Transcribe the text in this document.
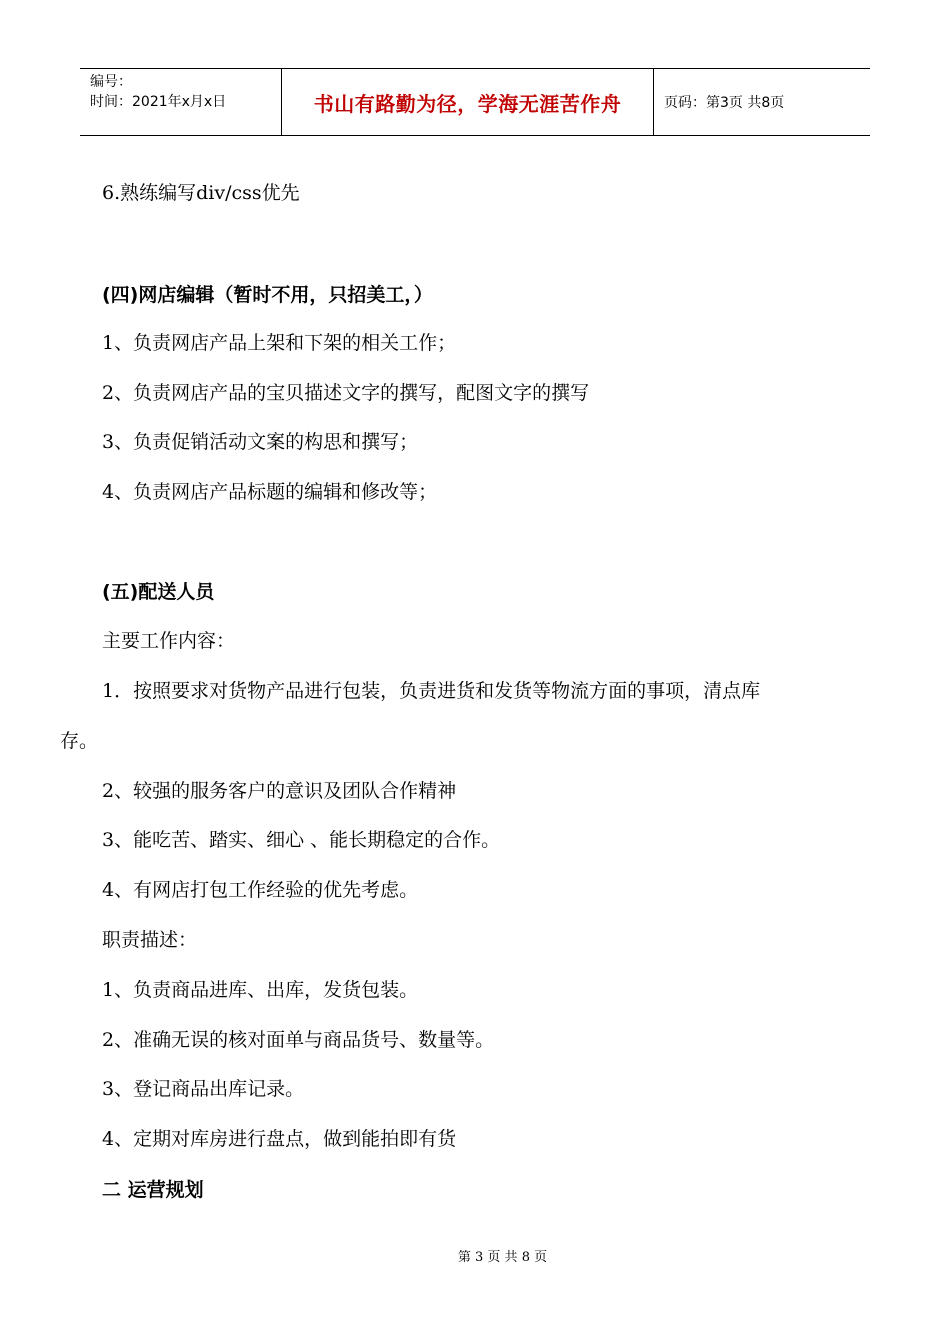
编号：
时间：2021年x月x日	书山有路勤为径，学海无涯苦作舟	页码：第3页 共8页
6.熟练编写div/css优先
(四)网店编辑（暂时不用，只招美工，）
1、负责网店产品上架和下架的相关工作；
2、负责网店产品的宝贝描述文字的撰写，配图文字的撰写
3、负责促销活动文案的构思和撰写；
4、负责网店产品标题的编辑和修改等；
(五)配送人员
主要工作内容：
1．按照要求对货物产品进行包装，负责进货和发货等物流方面的事项，清点库
存。
2、较强的服务客户的意识及团队合作精神
3、能吃苦、踏实、细心 、能长期稳定的合作。
4、有网店打包工作经验的优先考虑。
职责描述：
1、负责商品进库、出库，发货包装。
2、准确无误的核对面单与商品货号、数量等。
3、登记商品出库记录。
4、定期对库房进行盘点，做到能拍即有货
二 运营规划
第 3 页 共 8 页
